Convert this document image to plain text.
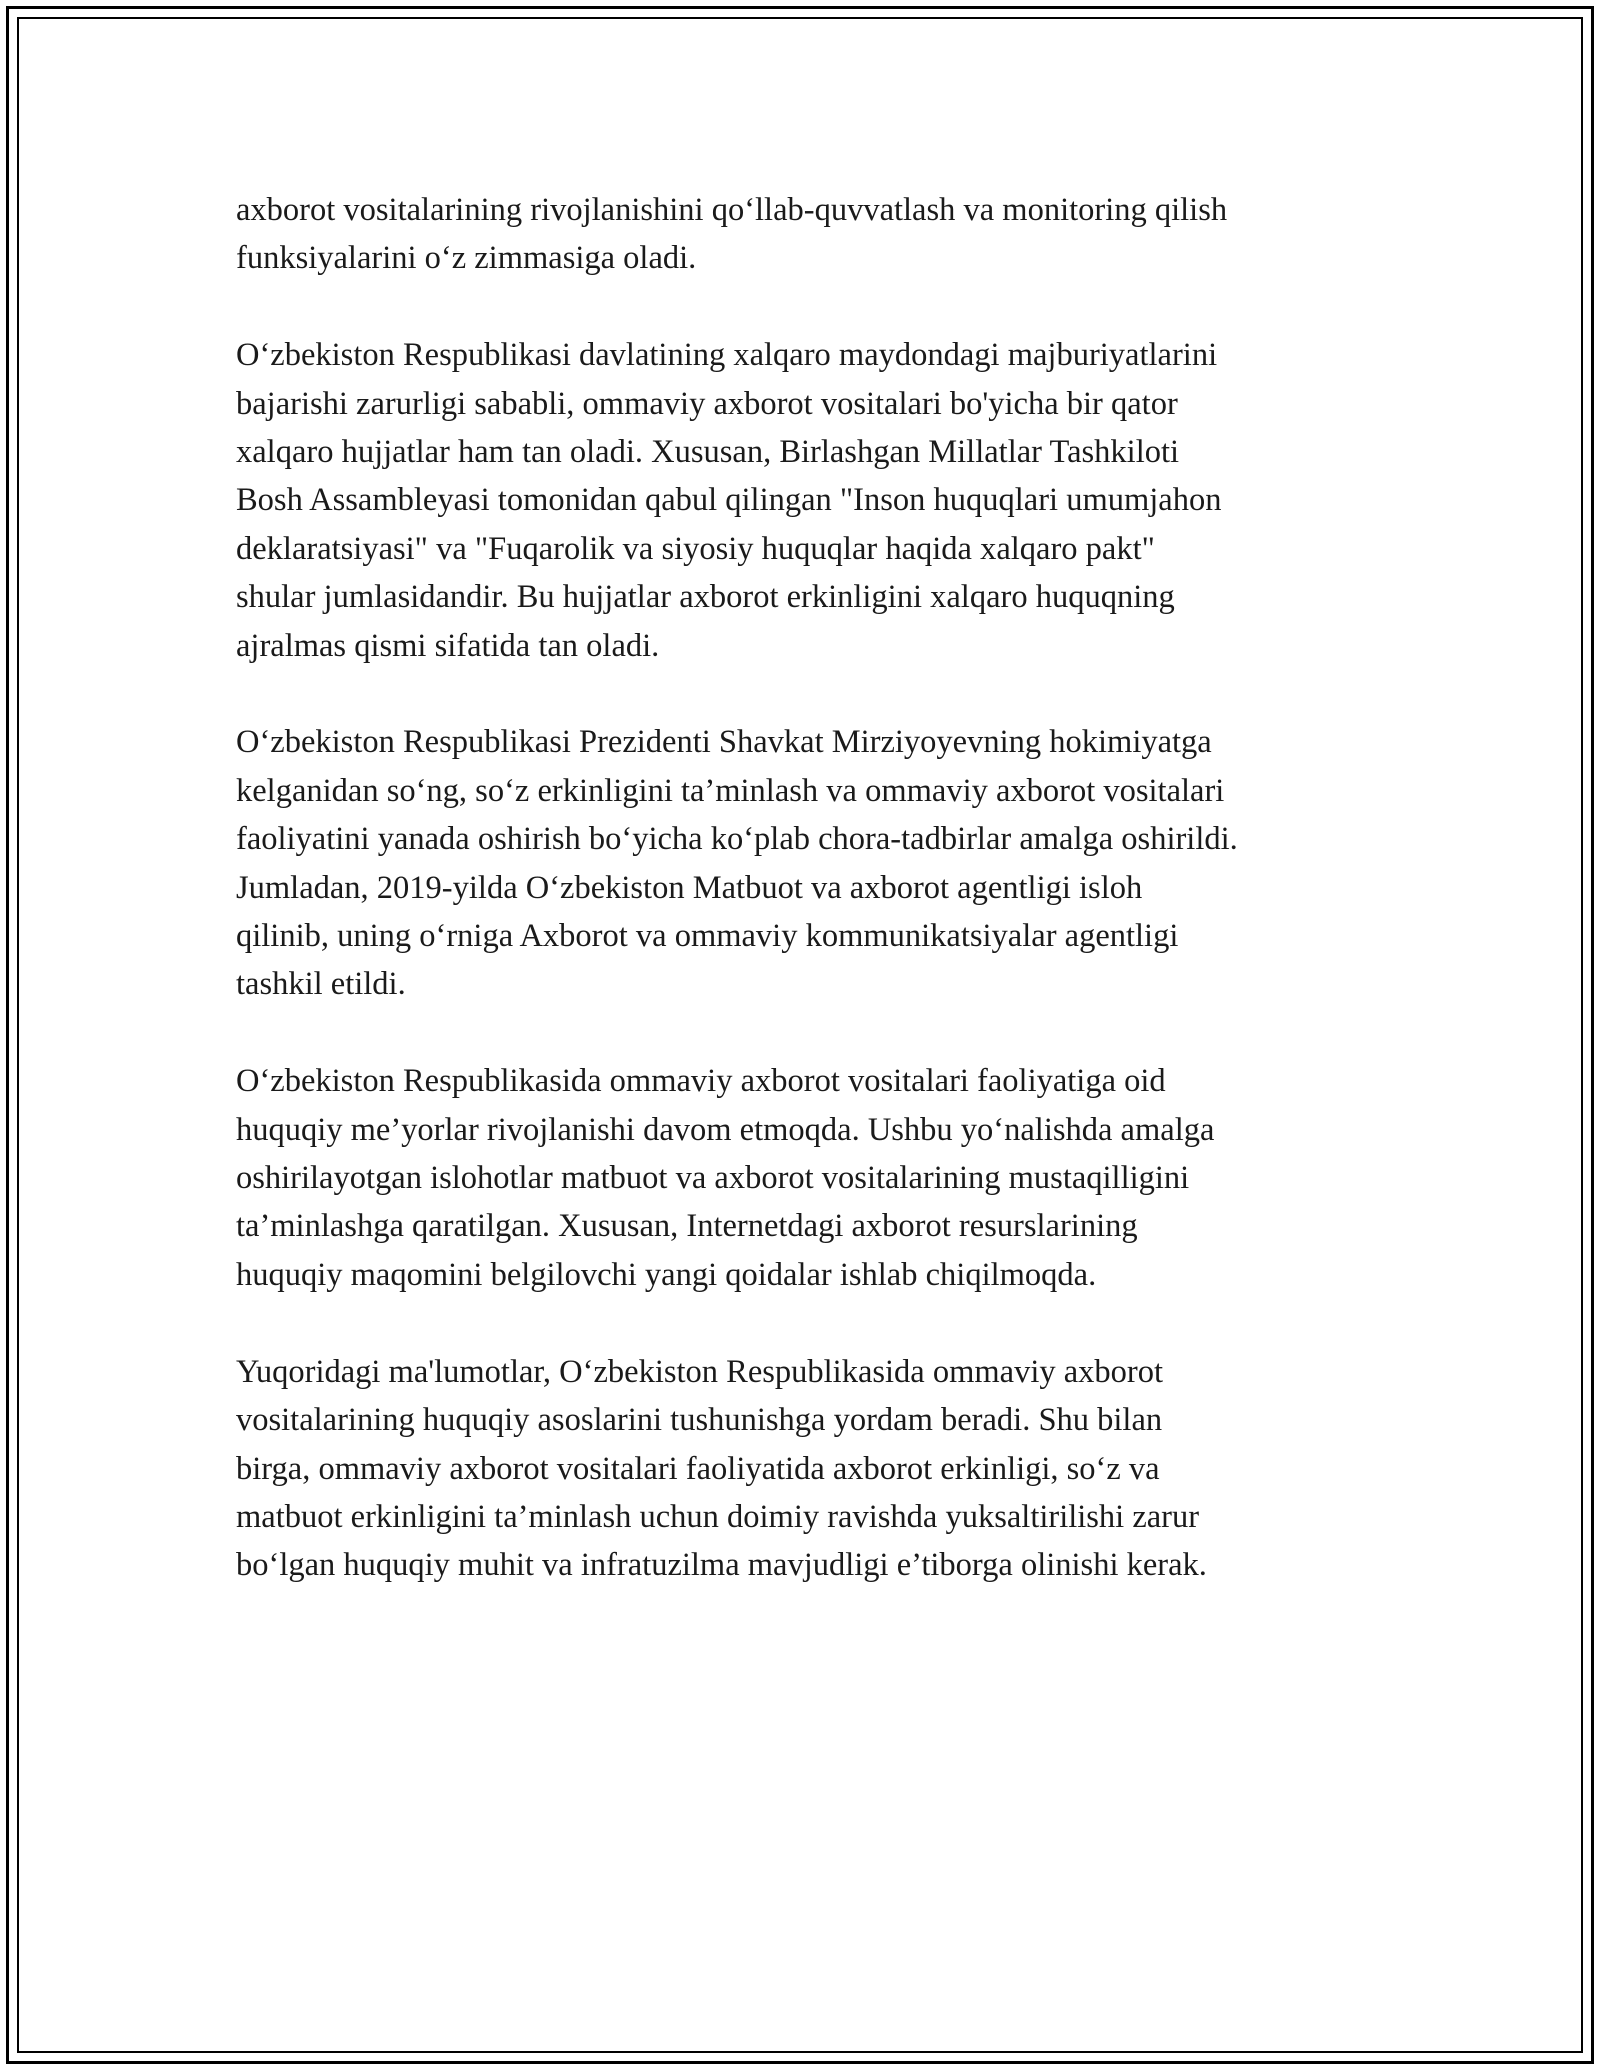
axborot vositalarining rivojlanishini qo‘llab-quvvatlash va monitoring qilish
funksiyalarini o‘z zimmasiga oladi.

O‘zbekiston Respublikasi davlatining xalqaro maydondagi majburiyatlarini
bajarishi zarurligi sababli, ommaviy axborot vositalari bo'yicha bir qator
xalqaro hujjatlar ham tan oladi. Xususan, Birlashgan Millatlar Tashkiloti
Bosh Assambleyasi tomonidan qabul qilingan "Inson huquqlari umumjahon
deklaratsiyasi" va "Fuqarolik va siyosiy huquqlar haqida xalqaro pakt"
shular jumlasidandir. Bu hujjatlar axborot erkinligini xalqaro huquqning
ajralmas qismi sifatida tan oladi.

O‘zbekiston Respublikasi Prezidenti Shavkat Mirziyoyevning hokimiyatga
kelganidan so‘ng, so‘z erkinligini ta’minlash va ommaviy axborot vositalari
faoliyatini yanada oshirish bo‘yicha ko‘plab chora-tadbirlar amalga oshirildi.
Jumladan, 2019-yilda O‘zbekiston Matbuot va axborot agentligi isloh
qilinib, uning o‘rniga Axborot va ommaviy kommunikatsiyalar agentligi
tashkil etildi.

O‘zbekiston Respublikasida ommaviy axborot vositalari faoliyatiga oid
huquqiy me’yorlar rivojlanishi davom etmoqda. Ushbu yo‘nalishda amalga
oshirilayotgan islohotlar matbuot va axborot vositalarining mustaqilligini
ta’minlashga qaratilgan. Xususan, Internetdagi axborot resurslarining
huquqiy maqomini belgilovchi yangi qoidalar ishlab chiqilmoqda.

Yuqoridagi ma'lumotlar, O‘zbekiston Respublikasida ommaviy axborot
vositalarining huquqiy asoslarini tushunishga yordam beradi. Shu bilan
birga, ommaviy axborot vositalari faoliyatida axborot erkinligi, so‘z va
matbuot erkinligini ta’minlash uchun doimiy ravishda yuksaltirilishi zarur
bo‘lgan huquqiy muhit va infratuzilma mavjudligi e’tiborga olinishi kerak.
